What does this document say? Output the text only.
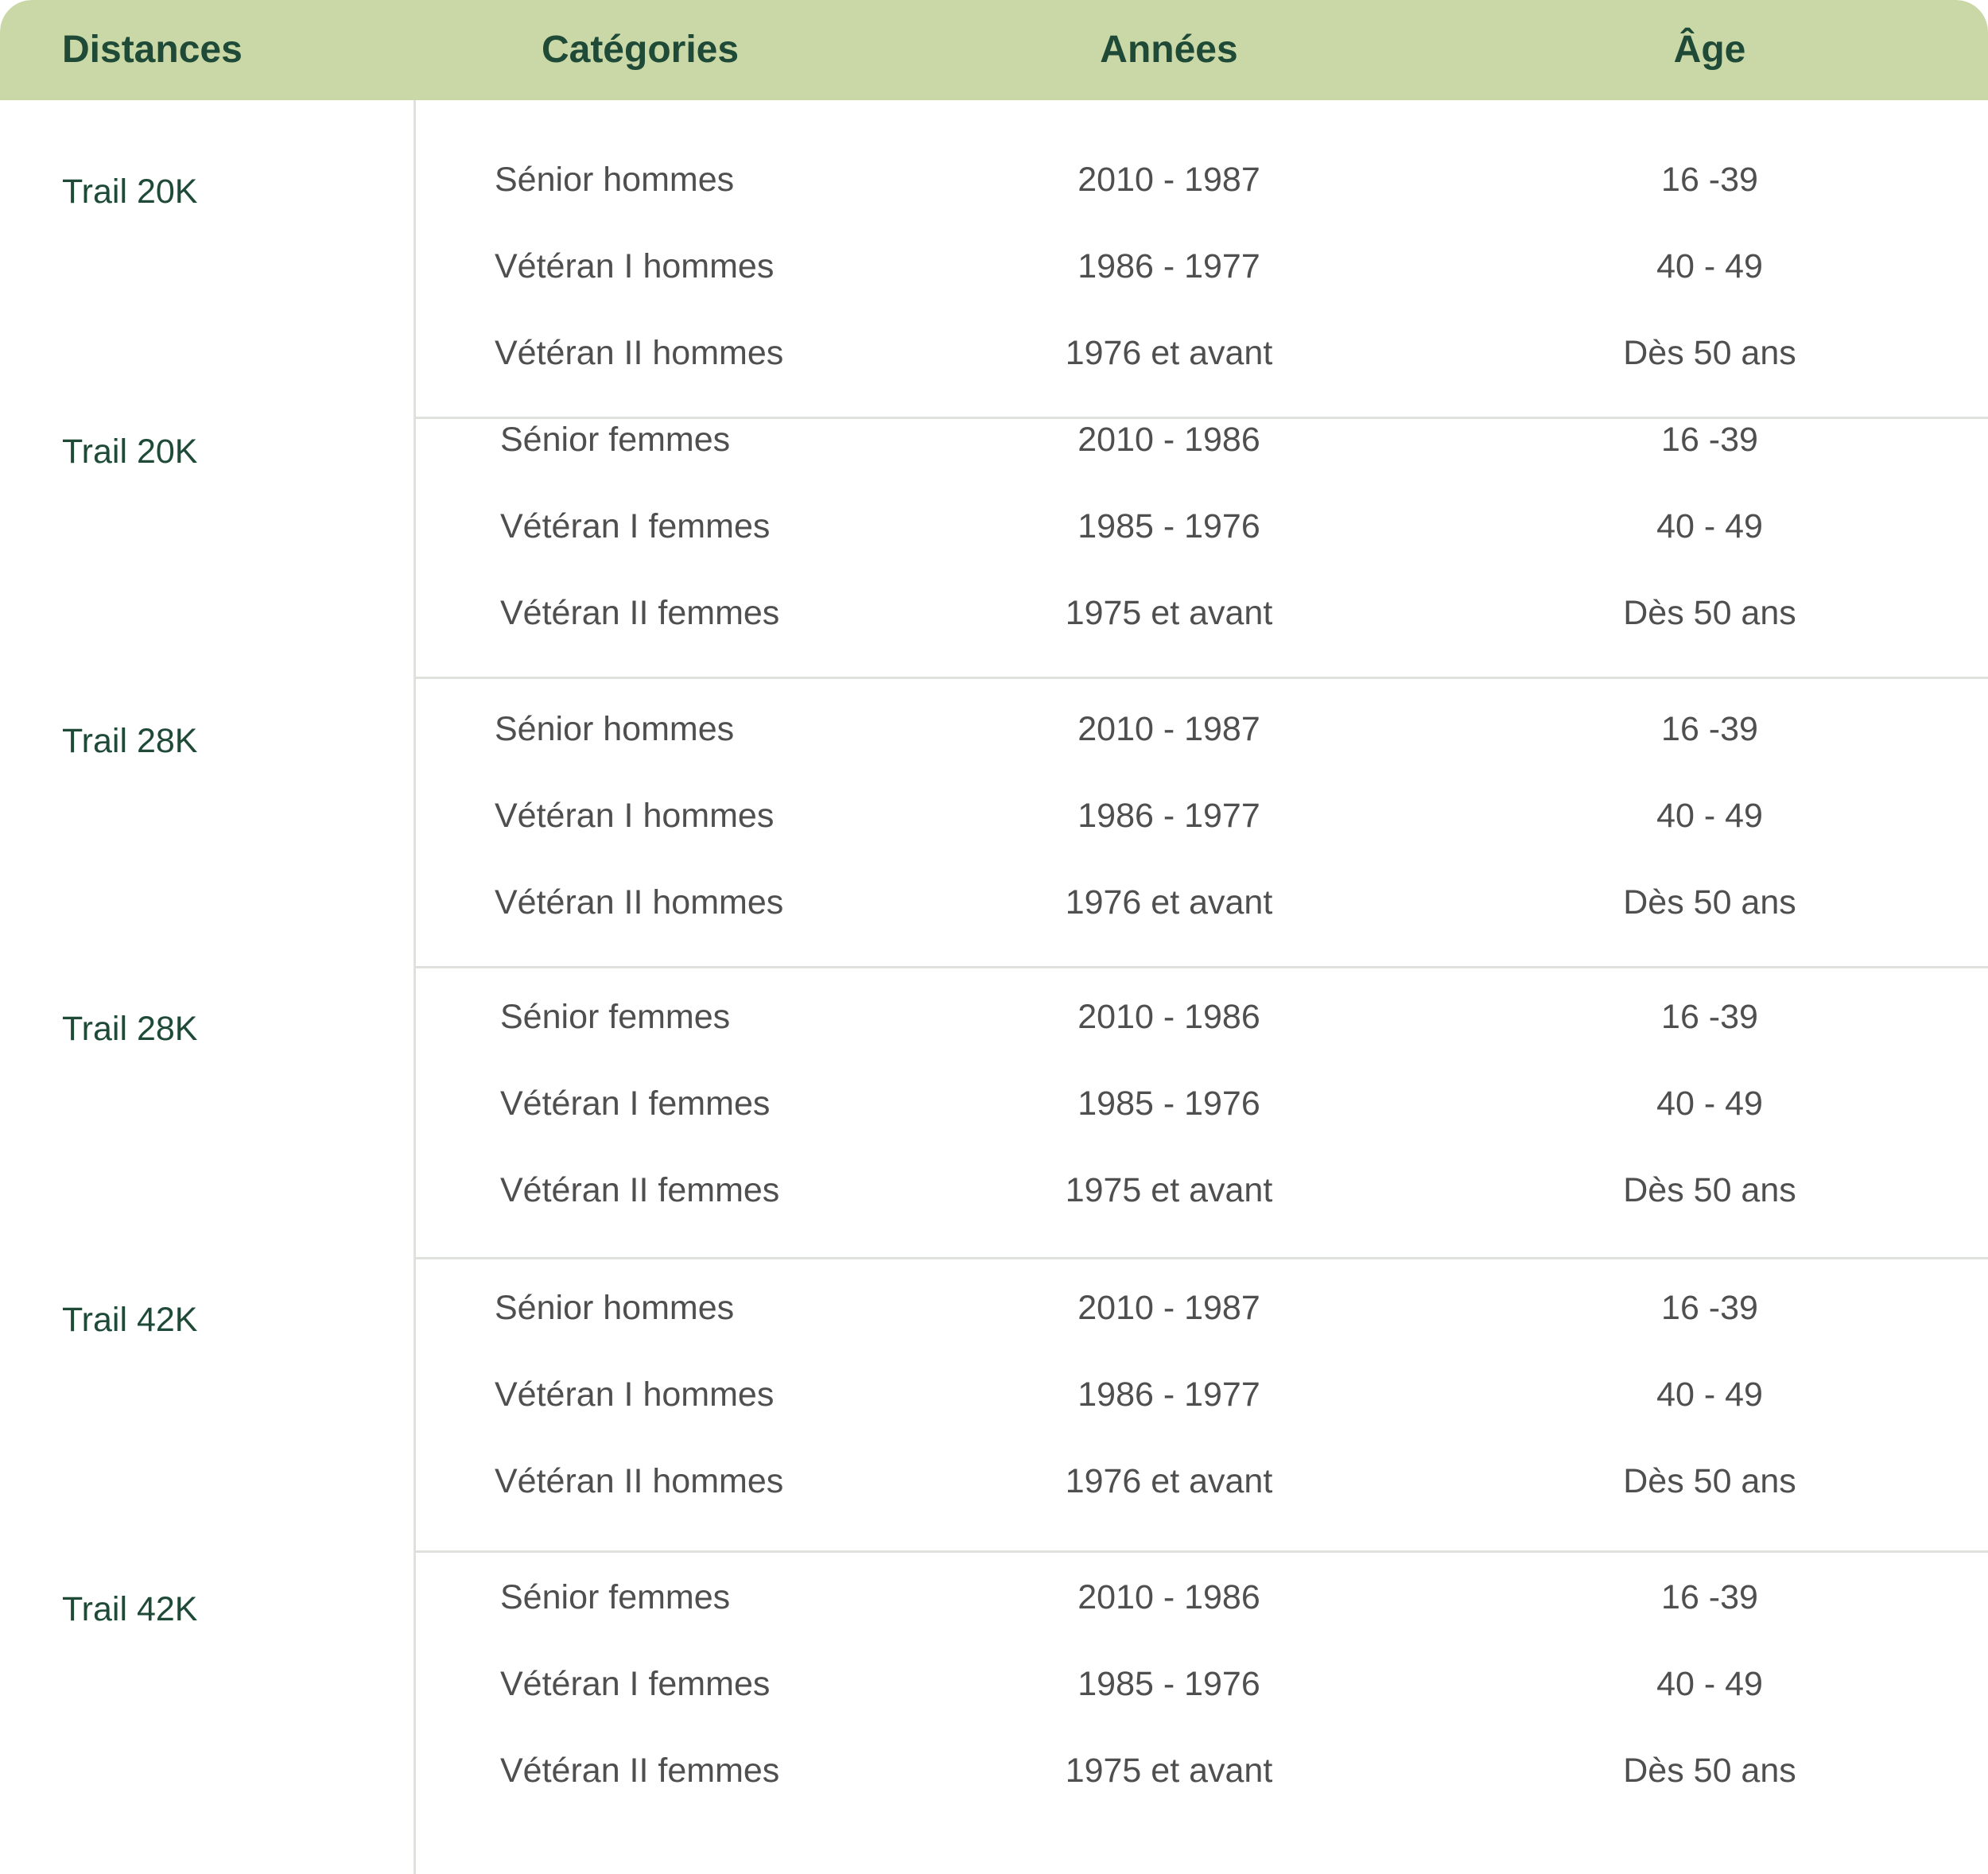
Distances	Catégories	Années	Âge
Trail 20K	Sénior hommes	2010 - 1987	16 -39
Vétéran I hommes	1986 - 1977	40 - 49
Vétéran II hommes	1976 et avant	Dès 50 ans
Trail 20K	Sénior femmes	2010 - 1986	16 -39
Vétéran I femmes	1985 - 1976	40 - 49
Vétéran II femmes	1975 et avant	Dès 50 ans
Trail 28K	Sénior hommes	2010 - 1987	16 -39
Vétéran I hommes	1986 - 1977	40 - 49
Vétéran II hommes	1976 et avant	Dès 50 ans
Trail 28K	Sénior femmes	2010 - 1986	16 -39
Vétéran I femmes	1985 - 1976	40 - 49
Vétéran II femmes	1975 et avant	Dès 50 ans
Trail 42K	Sénior hommes	2010 - 1987	16 -39
Vétéran I hommes	1986 - 1977	40 - 49
Vétéran II hommes	1976 et avant	Dès 50 ans
Trail 42K	Sénior femmes	2010 - 1986	16 -39
Vétéran I femmes	1985 - 1976	40 - 49
Vétéran II femmes	1975 et avant	Dès 50 ans
